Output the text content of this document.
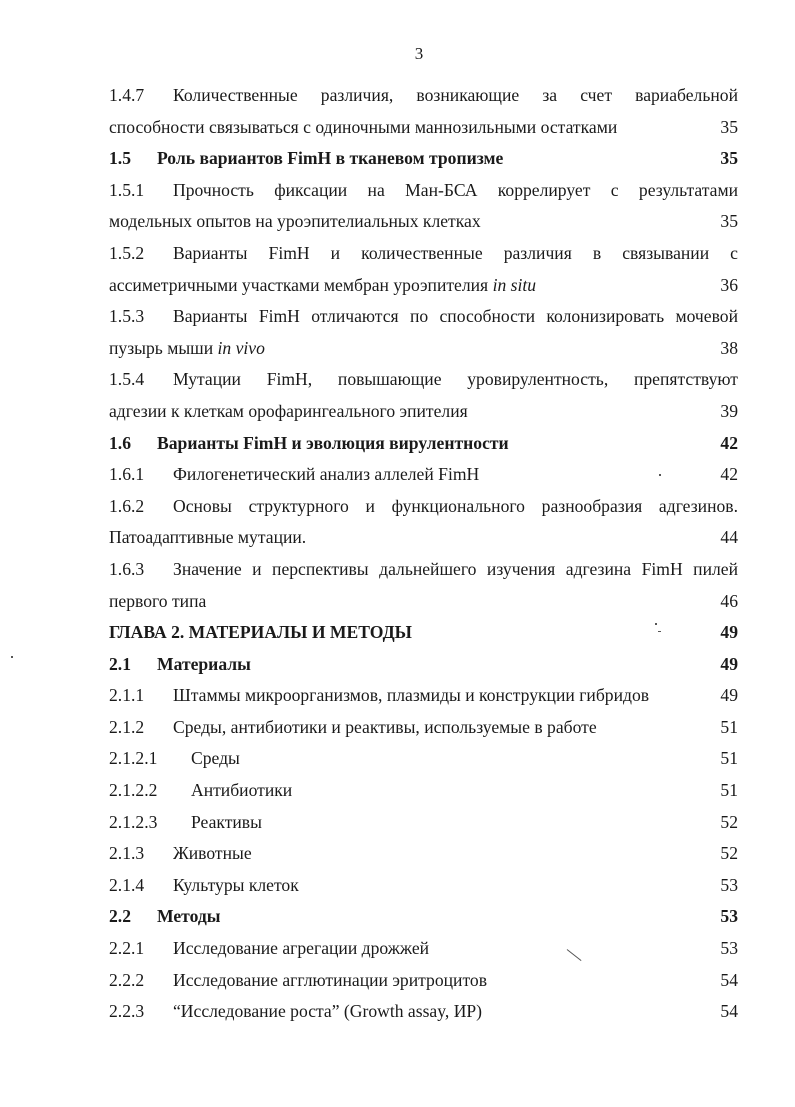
3
1.4.7 Количественные различия, возникающие за счет вариабельной
способности связываться с одиночными маннозильными остатками	35
1.5 Роль вариантов FimH в тканевом тропизме	35
1.5.1 Прочность фиксации на Ман-БСА коррелирует с результатами
модельных опытов на уроэпителиальных клетках	35
1.5.2 Варианты FimH и количественные различия в связывании с
ассиметричными участками мембран уроэпителия in situ	36
1.5.3 Варианты FimH отличаются по способности колонизировать мочевой
пузырь мыши in vivo	38
1.5.4 Мутации FimH, повышающие уровирулентность, препятствуют
адгезии к клеткам орофарингеального эпителия	39
1.6 Варианты FimH и эволюция вирулентности	42
1.6.1 Филогенетический анализ аллелей FimH	42
1.6.2 Основы структурного и функционального разнообразия адгезинов.
Патоадаптивные мутации.	44
1.6.3 Значение и перспективы дальнейшего изучения адгезина FimH пилей
первого типа	46
ГЛАВА 2. МАТЕРИАЛЫ И МЕТОДЫ	49
2.1 Материалы	49
2.1.1 Штаммы микроорганизмов, плазмиды и конструкции гибридов	49
2.1.2 Среды, антибиотики и реактивы, используемые в работе	51
2.1.2.1 Среды	51
2.1.2.2 Антибиотики	51
2.1.2.3 Реактивы	52
2.1.3 Животные	52
2.1.4 Культуры клеток	53
2.2 Методы	53
2.2.1 Исследование агрегации дрожжей	53
2.2.2 Исследование агглютинации эритроцитов	54
2.2.3 “Исследование роста” (Growth assay, ИР)	54
